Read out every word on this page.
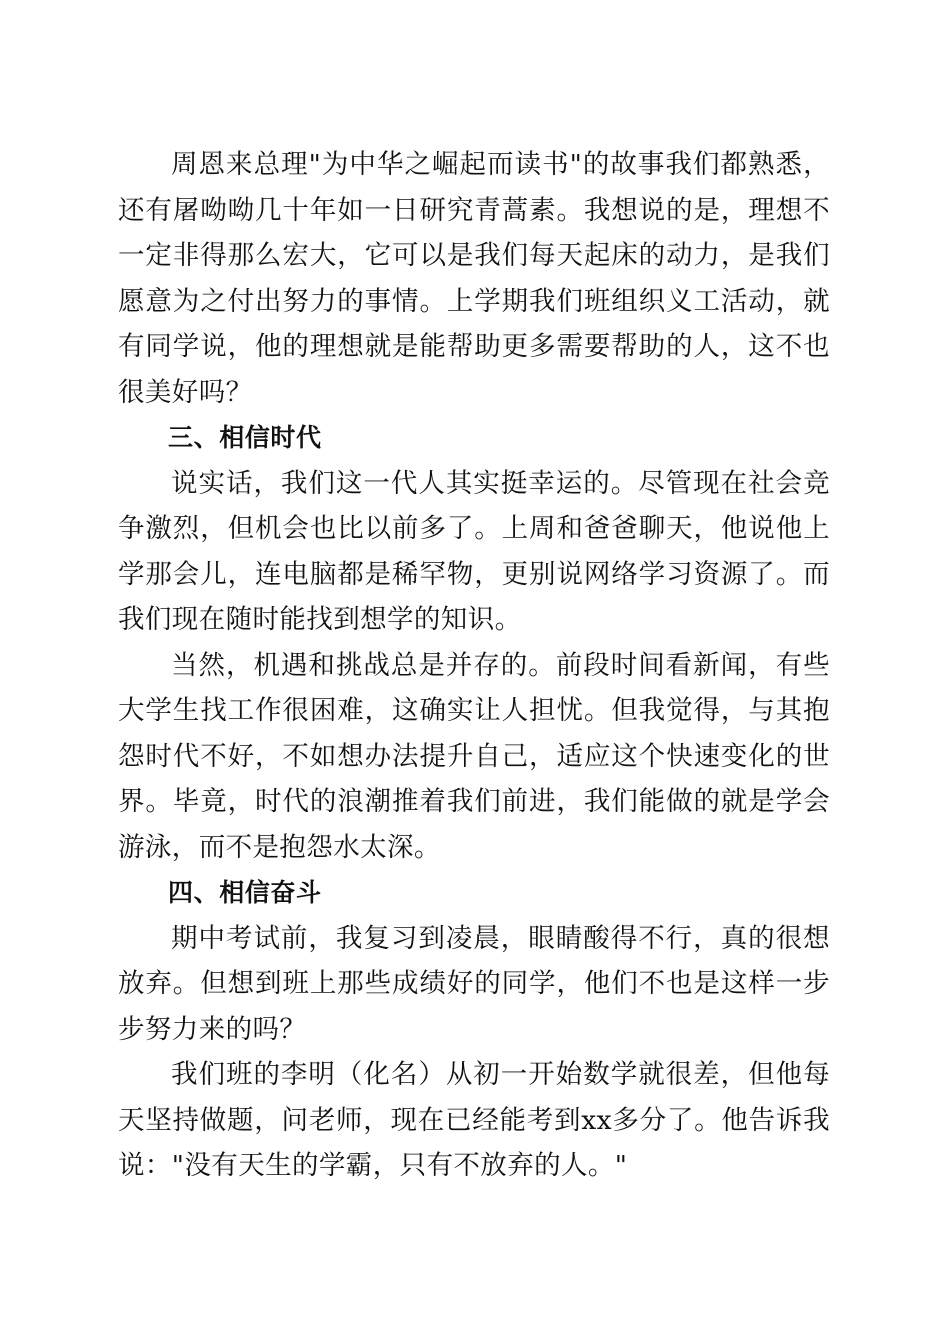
周恩来总理"为中华之崛起而读书"的故事我们都熟悉，还有屠呦呦几十年如一日研究青蒿素。我想说的是，理想不一定非得那么宏大，它可以是我们每天起床的动力，是我们愿意为之付出努力的事情。上学期我们班组织义工活动，就有同学说，他的理想就是能帮助更多需要帮助的人，这不也很美好吗？

三、相信时代

说实话，我们这一代人其实挺幸运的。尽管现在社会竞争激烈，但机会也比以前多了。上周和爸爸聊天，他说他上学那会儿，连电脑都是稀罕物，更别说网络学习资源了。而我们现在随时能找到想学的知识。

当然，机遇和挑战总是并存的。前段时间看新闻，有些大学生找工作很困难，这确实让人担忧。但我觉得，与其抱怨时代不好，不如想办法提升自己，适应这个快速变化的世界。毕竟，时代的浪潮推着我们前进，我们能做的就是学会游泳，而不是抱怨水太深。

四、相信奋斗

期中考试前，我复习到凌晨，眼睛酸得不行，真的很想放弃。但想到班上那些成绩好的同学，他们不也是这样一步步努力来的吗？

我们班的李明（化名）从初一开始数学就很差，但他每天坚持做题，问老师，现在已经能考到xx多分了。他告诉我说："没有天生的学霸，只有不放弃的人。"
